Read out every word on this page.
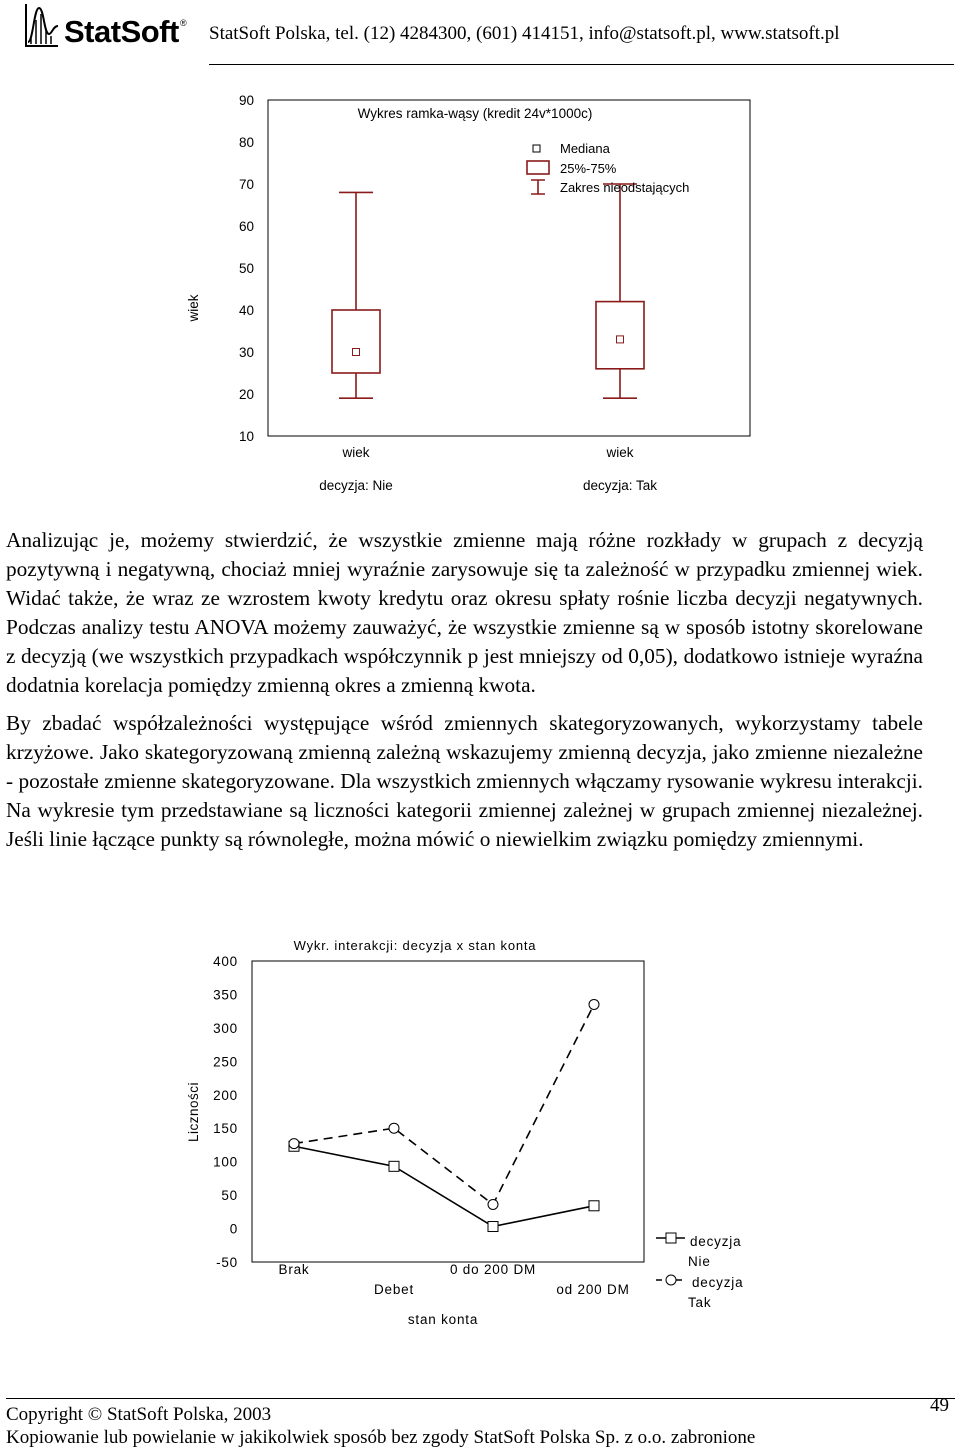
StatSoft ® StatSoft Polska, tel. (12) 4284300, (601) 414151, info@statsoft.pl, www.statsoft.pl
Wykres ramka-wąsy (kredit 24v*1000c)
wiek
10
20
30
40
50
60
70
80
90
wiek
decyzja: Nie
wiek
decyzja: Tak
Mediana
25%-75%
Zakres nieodstających

Analizując je, możemy stwierdzić, że wszystkie zmienne mają różne rozkłady w grupach z decyzją pozytywną i negatywną, chociaż mniej wyraźnie zarysowuje się ta zależność w przypadku zmiennej wiek. Widać także, że wraz ze wzrostem kwoty kredytu oraz okresu spłaty rośnie liczba decyzji negatywnych. Podczas analizy testu ANOVA możemy zauważyć, że wszystkie zmienne są w sposób istotny skorelowane z decyzją (we wszystkich przypadkach współczynnik p jest mniejszy od 0,05), dodatkowo istnieje wyraźna dodatnia korelacja pomiędzy zmienną okres a zmienną kwota.

By zbadać współzależności występujące wśród zmiennych skategoryzowanych, wykorzystamy tabele krzyżowe. Jako skategoryzowaną zmienną zależną wskazujemy zmienną decyzja, jako zmienne niezależne - pozostałe zmienne skategoryzowane. Dla wszystkich zmiennych włączamy rysowanie wykresu interakcji. Na wykresie tym przedstawiane są liczności kategorii zmiennej zależnej w grupach zmiennej niezależnej. Jeśli linie łączące punkty są równoległe, można mówić o niewielkim związku pomiędzy zmiennymi.

Wykr. interakcji: decyzja x stan konta
Liczności
stan konta
-50
0
50
100
150
200
250
300
350
400
Brak
Debet
0 do 200 DM
od 200 DM
decyzja
Nie
decyzja
Tak
Copyright © StatSoft Polska, 2003
Kopiowanie lub powielanie w jakikolwiek sposób bez zgody StatSoft Polska Sp. z o.o. zabronione
49
